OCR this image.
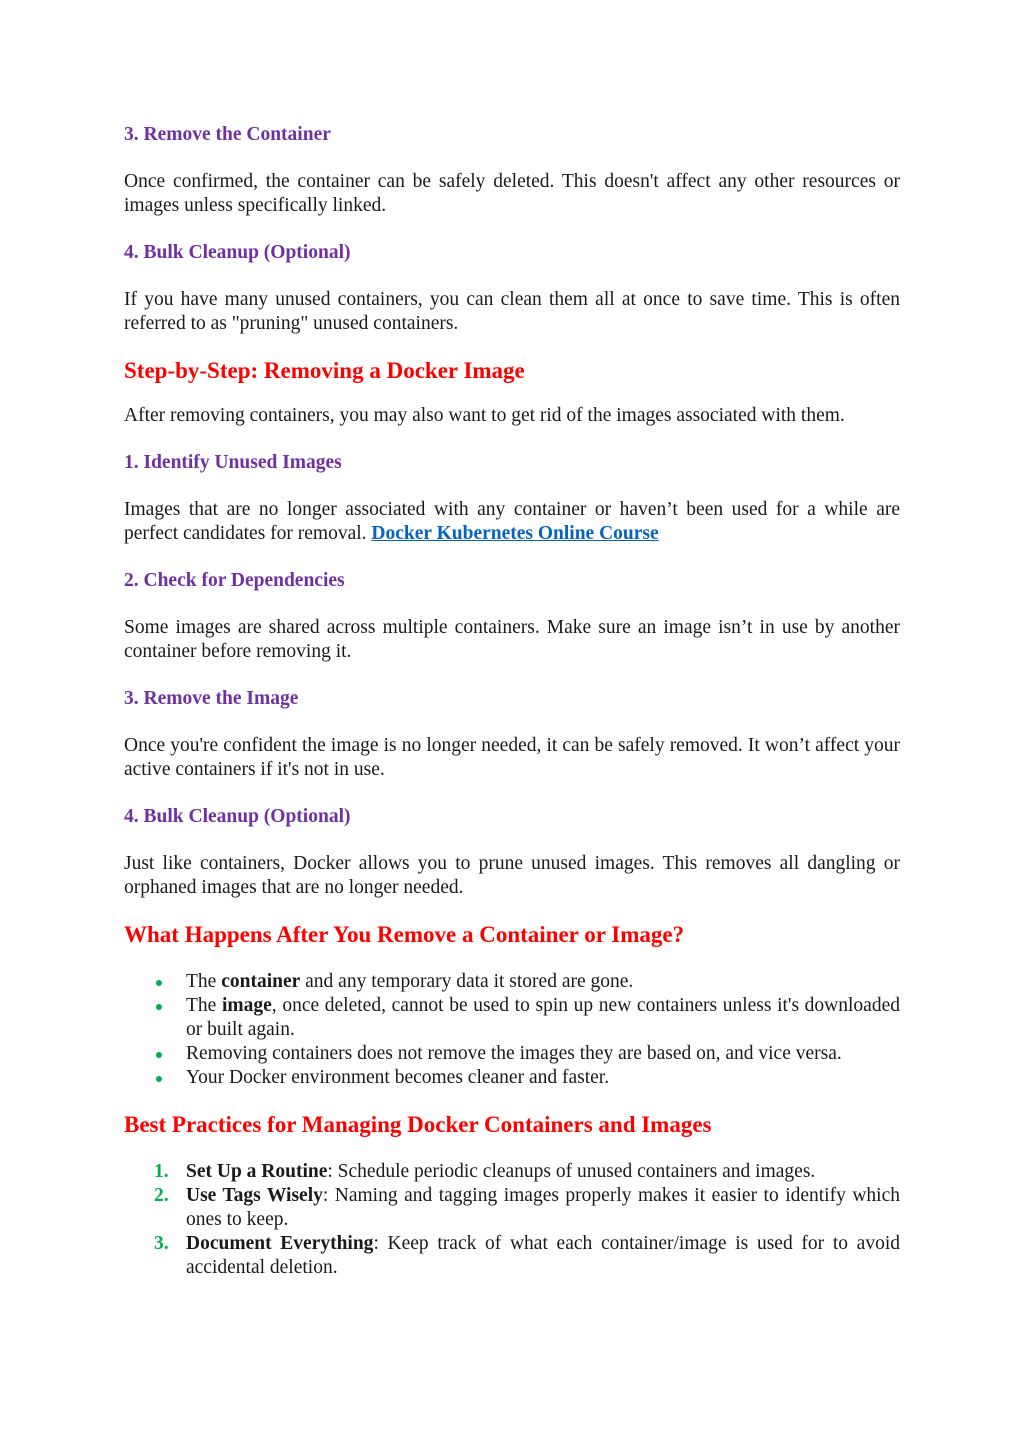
3. Remove the Container

Once confirmed, the container can be safely deleted. This doesn't affect any other resources or images unless specifically linked.

4. Bulk Cleanup (Optional)

If you have many unused containers, you can clean them all at once to save time. This is often referred to as "pruning" unused containers.

Step-by-Step: Removing a Docker Image

After removing containers, you may also want to get rid of the images associated with them.

1. Identify Unused Images

Images that are no longer associated with any container or haven’t been used for a while are perfect candidates for removal. Docker Kubernetes Online Course

2. Check for Dependencies

Some images are shared across multiple containers. Make sure an image isn’t in use by another container before removing it.

3. Remove the Image

Once you're confident the image is no longer needed, it can be safely removed. It won’t affect your active containers if it's not in use.

4. Bulk Cleanup (Optional)

Just like containers, Docker allows you to prune unused images. This removes all dangling or orphaned images that are no longer needed.

What Happens After You Remove a Container or Image?
The container and any temporary data it stored are gone.
The image, once deleted, cannot be used to spin up new containers unless it's downloaded or built again.
Removing containers does not remove the images they are based on, and vice versa.
Your Docker environment becomes cleaner and faster.
Best Practices for Managing Docker Containers and Images
1. Set Up a Routine: Schedule periodic cleanups of unused containers and images.
2. Use Tags Wisely: Naming and tagging images properly makes it easier to identify which ones to keep.
3. Document Everything: Keep track of what each container/image is used for to avoid accidental deletion.
